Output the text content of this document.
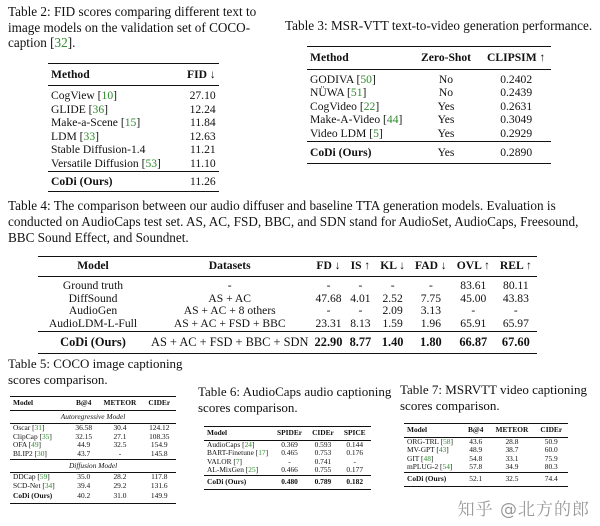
Table 2: FID scores comparing different text to image models on the validation set of COCO-caption [32].
Method	FID ↓
CogView [10]	27.10
GLIDE [36]	12.24
Make-a-Scene [15]	11.84
LDM [33]	12.63
Stable Diffusion-1.4	11.21
Versatile Diffusion [53]	11.10
CoDi (Ours)	11.26
Table 3: MSR-VTT text-to-video generation performance.
Method	Zero-Shot	CLIPSIM ↑
GODIVA [50]	No	0.2402
NÜWA [51]	No	0.2439
CogVideo [22]	Yes	0.2631
Make-A-Video [44]	Yes	0.3049
Video LDM [5]	Yes	0.2929
CoDi (Ours)	Yes	0.2890
Table 4: The comparison between our audio diffuser and baseline TTA generation models. Evaluation is conducted on AudioCaps test set. AS, AC, FSD, BBC, and SDN stand for AudioSet, AudioCaps, Freesound, BBC Sound Effect, and Soundnet.
Model	Datasets	FD ↓	IS ↑	KL ↓	FAD ↓	OVL ↑	REL ↑
Ground truth	-	-	-	-	-	83.61	80.11
DiffSound	AS + AC	47.68	4.01	2.52	7.75	45.00	43.83
AudioGen	AS + AC + 8 others	-	-	2.09	3.13	-	-
AudioLDM-L-Full	AS + AC + FSD + BBC	23.31	8.13	1.59	1.96	65.91	65.97
CoDi (Ours)	AS + AC + FSD + BBC + SDN	22.90	8.77	1.40	1.80	66.87	67.60
Table 5: COCO image captioning scores comparison.
Model	B@4	METEOR	CIDEr
Autoregressive Model			
Oscar [31]	36.58	30.4	124.12
ClipCap [35]	32.15	27.1	108.35
OFA [49]	44.9	32.5	154.9
BLIP2 [30]	43.7	-	145.8
Diffusion Model			
DDCap [59]	35.0	28.2	117.8
SCD-Net [34]	39.4	29.2	131.6
CoDi (Ours)	40.2	31.0	149.9
Table 6: AudioCaps audio captioning scores comparison.
Model	SPIDEr	CIDEr	SPICE
AudioCaps [24]	0.369	0.593	0.144
BART-Finetune [17]	0.465	0.753	0.176
VALOR [7]	-	0.741	-
AL-MixGen [25]	0.466	0.755	0.177
CoDi (Ours)	0.480	0.789	0.182
Table 7: MSRVTT video captioning scores comparison.
Model	B@4	METEOR	CIDEr
ORG-TRL [58]	43.6	28.8	50.9
MV-GPT [43]	48.9	38.7	60.0
GIT [48]	54.8	33.1	75.9
mPLUG-2 [54]	57.8	34.9	80.3
CoDi (Ours)	52.1	32.5	74.4
知乎 @北方的郎
